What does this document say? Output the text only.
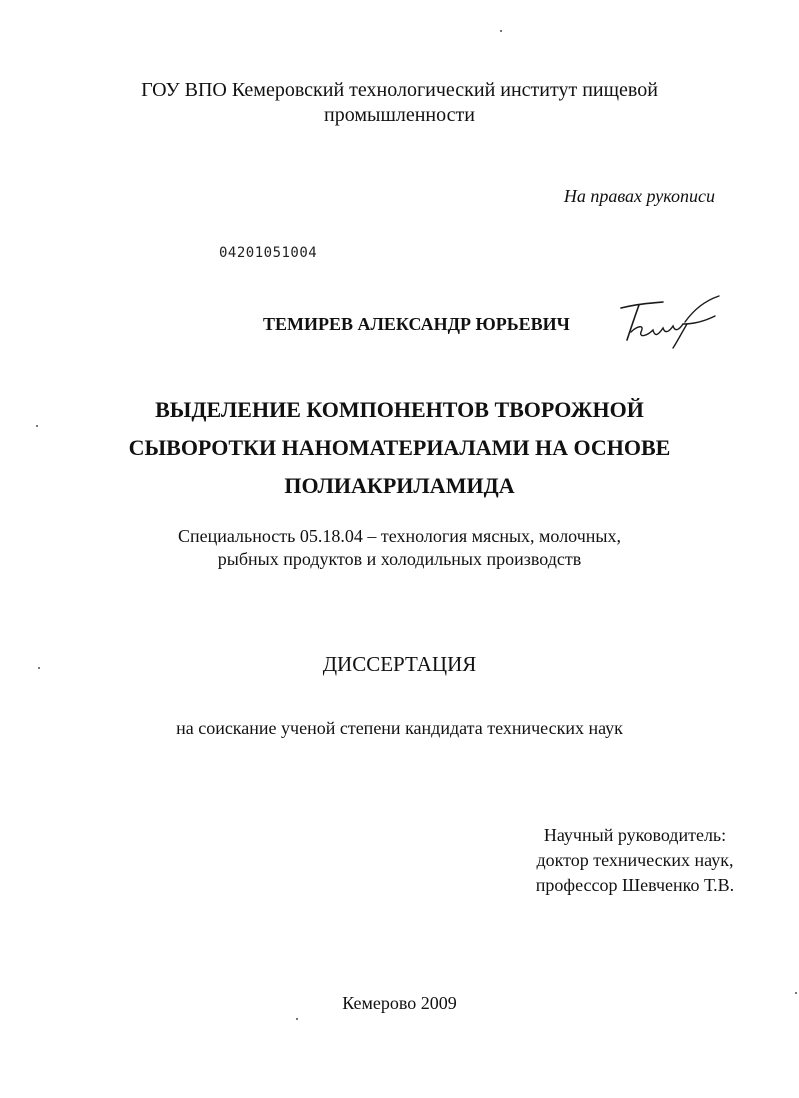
ГОУ ВПО Кемеровский технологический институт пищевой
промышленности
На правах рукописи
04201051004
ТЕМИРЕВ АЛЕКСАНДР ЮРЬЕВИЧ
ВЫДЕЛЕНИЕ КОМПОНЕНТОВ ТВОРОЖНОЙ
СЫВОРОТКИ НАНОМАТЕРИАЛАМИ НА ОСНОВЕ
ПОЛИАКРИЛАМИДА
Специальность 05.18.04 – технология мясных, молочных,
рыбных продуктов и холодильных производств
ДИССЕРТАЦИЯ
на соискание ученой степени кандидата технических наук
Научный руководитель:
доктор технических наук,
профессор Шевченко Т.В.
Кемерово 2009
